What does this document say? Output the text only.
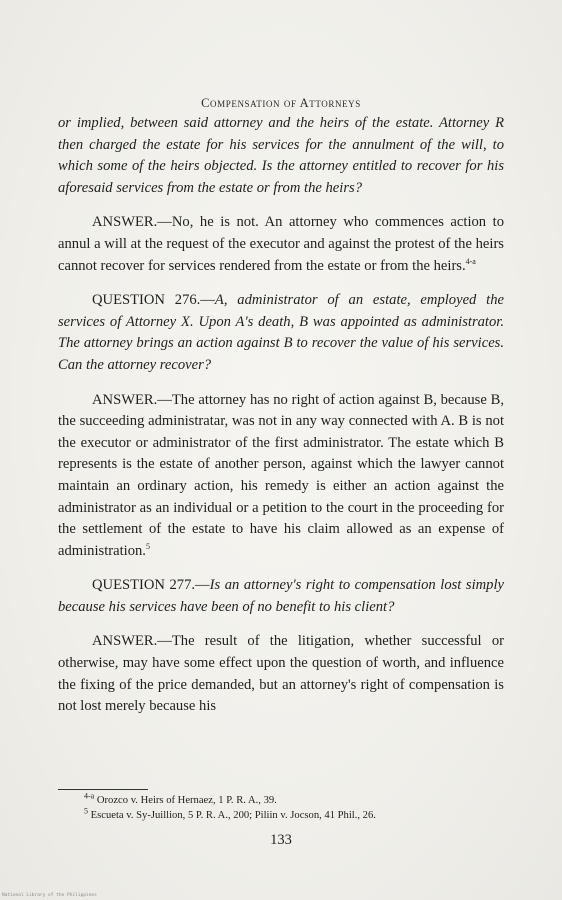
Compensation of Attorneys

or implied, between said attorney and the heirs of the estate. Attorney R then charged the estate for his services for the annulment of the will, to which some of the heirs objected. Is the attorney entitled to recover for his aforesaid services from the estate or from the heirs?

ANSWER.—No, he is not. An attorney who commences action to annul a will at the request of the executor and against the protest of the heirs cannot recover for services rendered from the estate or from the heirs.$^{4-a}$

QUESTION 276.—A, administrator of an estate, employed the services of Attorney X. Upon A's death, B was appointed as administrator. The attorney brings an action against B to recover the value of his services. Can the attorney recover?

ANSWER.—The attorney has no right of action against B, because B, the succeeding administratar, was not in any way connected with A. B is not the executor or administrator of the first administrator. The estate which B represents is the estate of another person, against which the lawyer cannot maintain an ordinary action, his remedy is either an action against the administrator as an individual or a petition to the court in the proceeding for the settlement of the estate to have his claim allowed as an expense of administration.$^5$

QUESTION 277.—Is an attorney's right to compensation lost simply because his services have been of no benefit to his client?

ANSWER.—The result of the litigation, whether successful or otherwise, may have some effect upon the question of worth, and influence the fixing of the price demanded, but an attorney's right of compensation is not lost merely because his

$^{4-a}$ Orozco v. Heirs of Hernaez, 1 P. R. A., 39.

$^5$ Escueta v. Sy-Juillion, 5 P. R. A., 200; Piliin v. Jocson, 41 Phil., 26.

133
National Library of the Philippines
